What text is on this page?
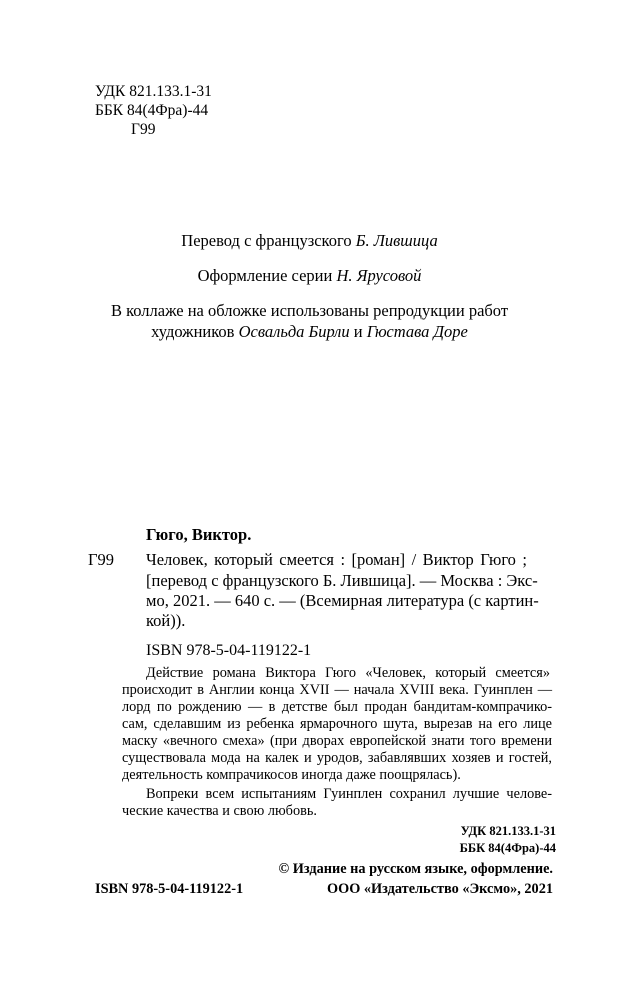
УДК 821.133.1-31
ББК 84(4Фра)-44
Г99
Перевод с французского Б. Лившица
Оформление серии Н. Ярусовой
В коллаже на обложке использованы репродукции работ
художников Освальда Бирли и Гюстава Доре
Гюго, Виктор.
Г99 Человек, который смеется : [роман] / Виктор Гюго ;
[перевод с французского Б. Лившица]. — Москва : Экс-
мо, 2021. — 640 с. — (Всемирная литература (с картин-
кой)).
ISBN 978-5-04-119122-1
Действие романа Виктора Гюго «Человек, который смеется»
происходит в Англии конца XVII — начала XVIII века. Гуинплен —
лорд по рождению — в детстве был продан бандитам-компрачико-
сам, сделавшим из ребенка ярмарочного шута, вырезав на его лице
маску «вечного смеха» (при дворах европейской знати того времени
существовала мода на калек и уродов, забавлявших хозяев и гостей,
деятельность компрачикосов иногда даже поощрялась).
Вопреки всем испытаниям Гуинплен сохранил лучшие челове-
ческие качества и свою любовь.
УДК 821.133.1-31
ББК 84(4Фра)-44
ISBN 978-5-04-119122-1
© Издание на русском языке, оформление.
ООО «Издательство «Эксмо», 2021
